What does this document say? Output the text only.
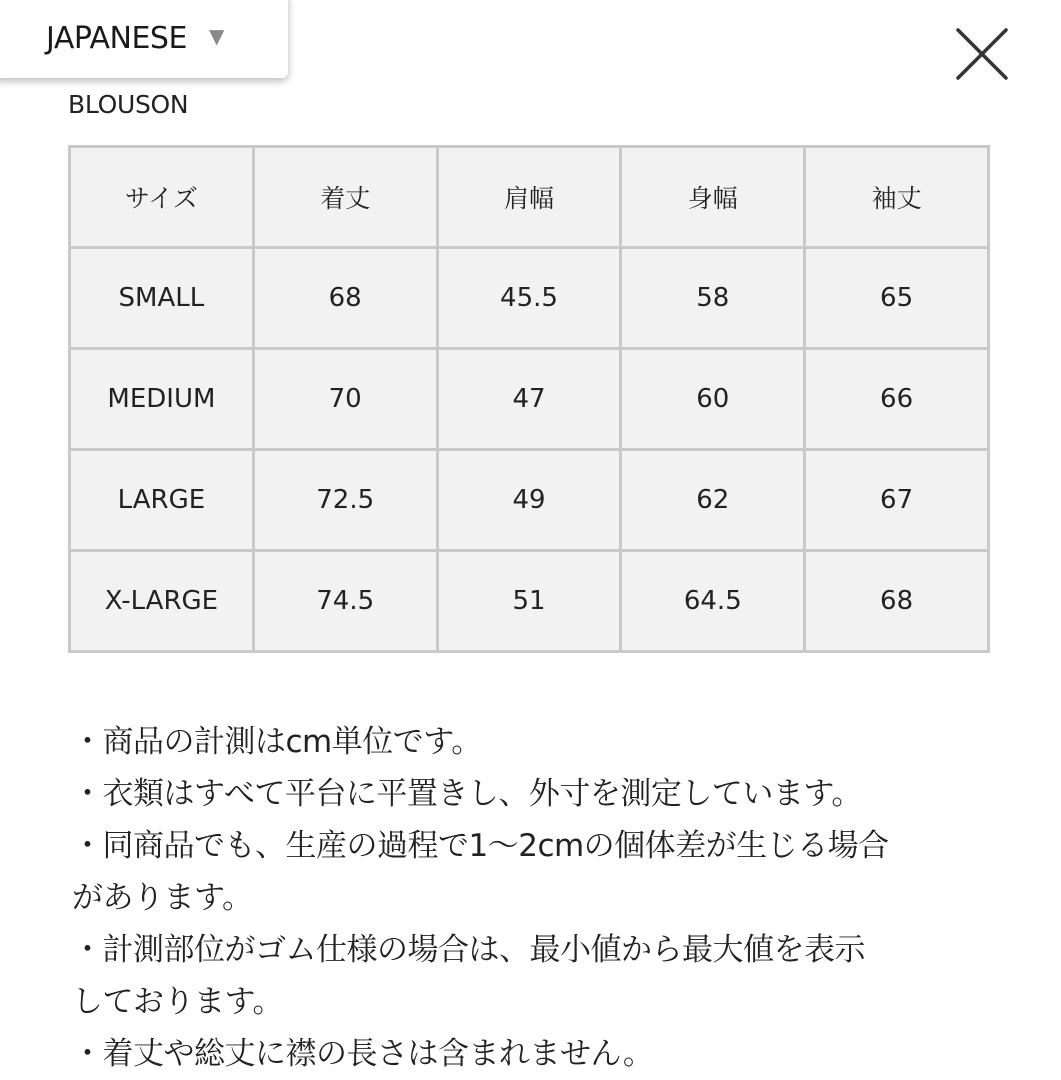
JAPANESE ▼
BLOUSON
サイズ	着丈	肩幅	身幅	袖丈
SMALL	68	45.5	58	65
MEDIUM	70	47	60	66
LARGE	72.5	49	62	67
X-LARGE	74.5	51	64.5	68

・商品の計測はcm単位です。

・衣類はすべて平台に平置きし、外寸を測定しています。

・同商品でも、生産の過程で1〜2cmの個体差が生じる場合

があります。

・計測部位がゴム仕様の場合は、最小値から最大値を表示

しております。

・着丈や総丈に襟の長さは含まれません。
